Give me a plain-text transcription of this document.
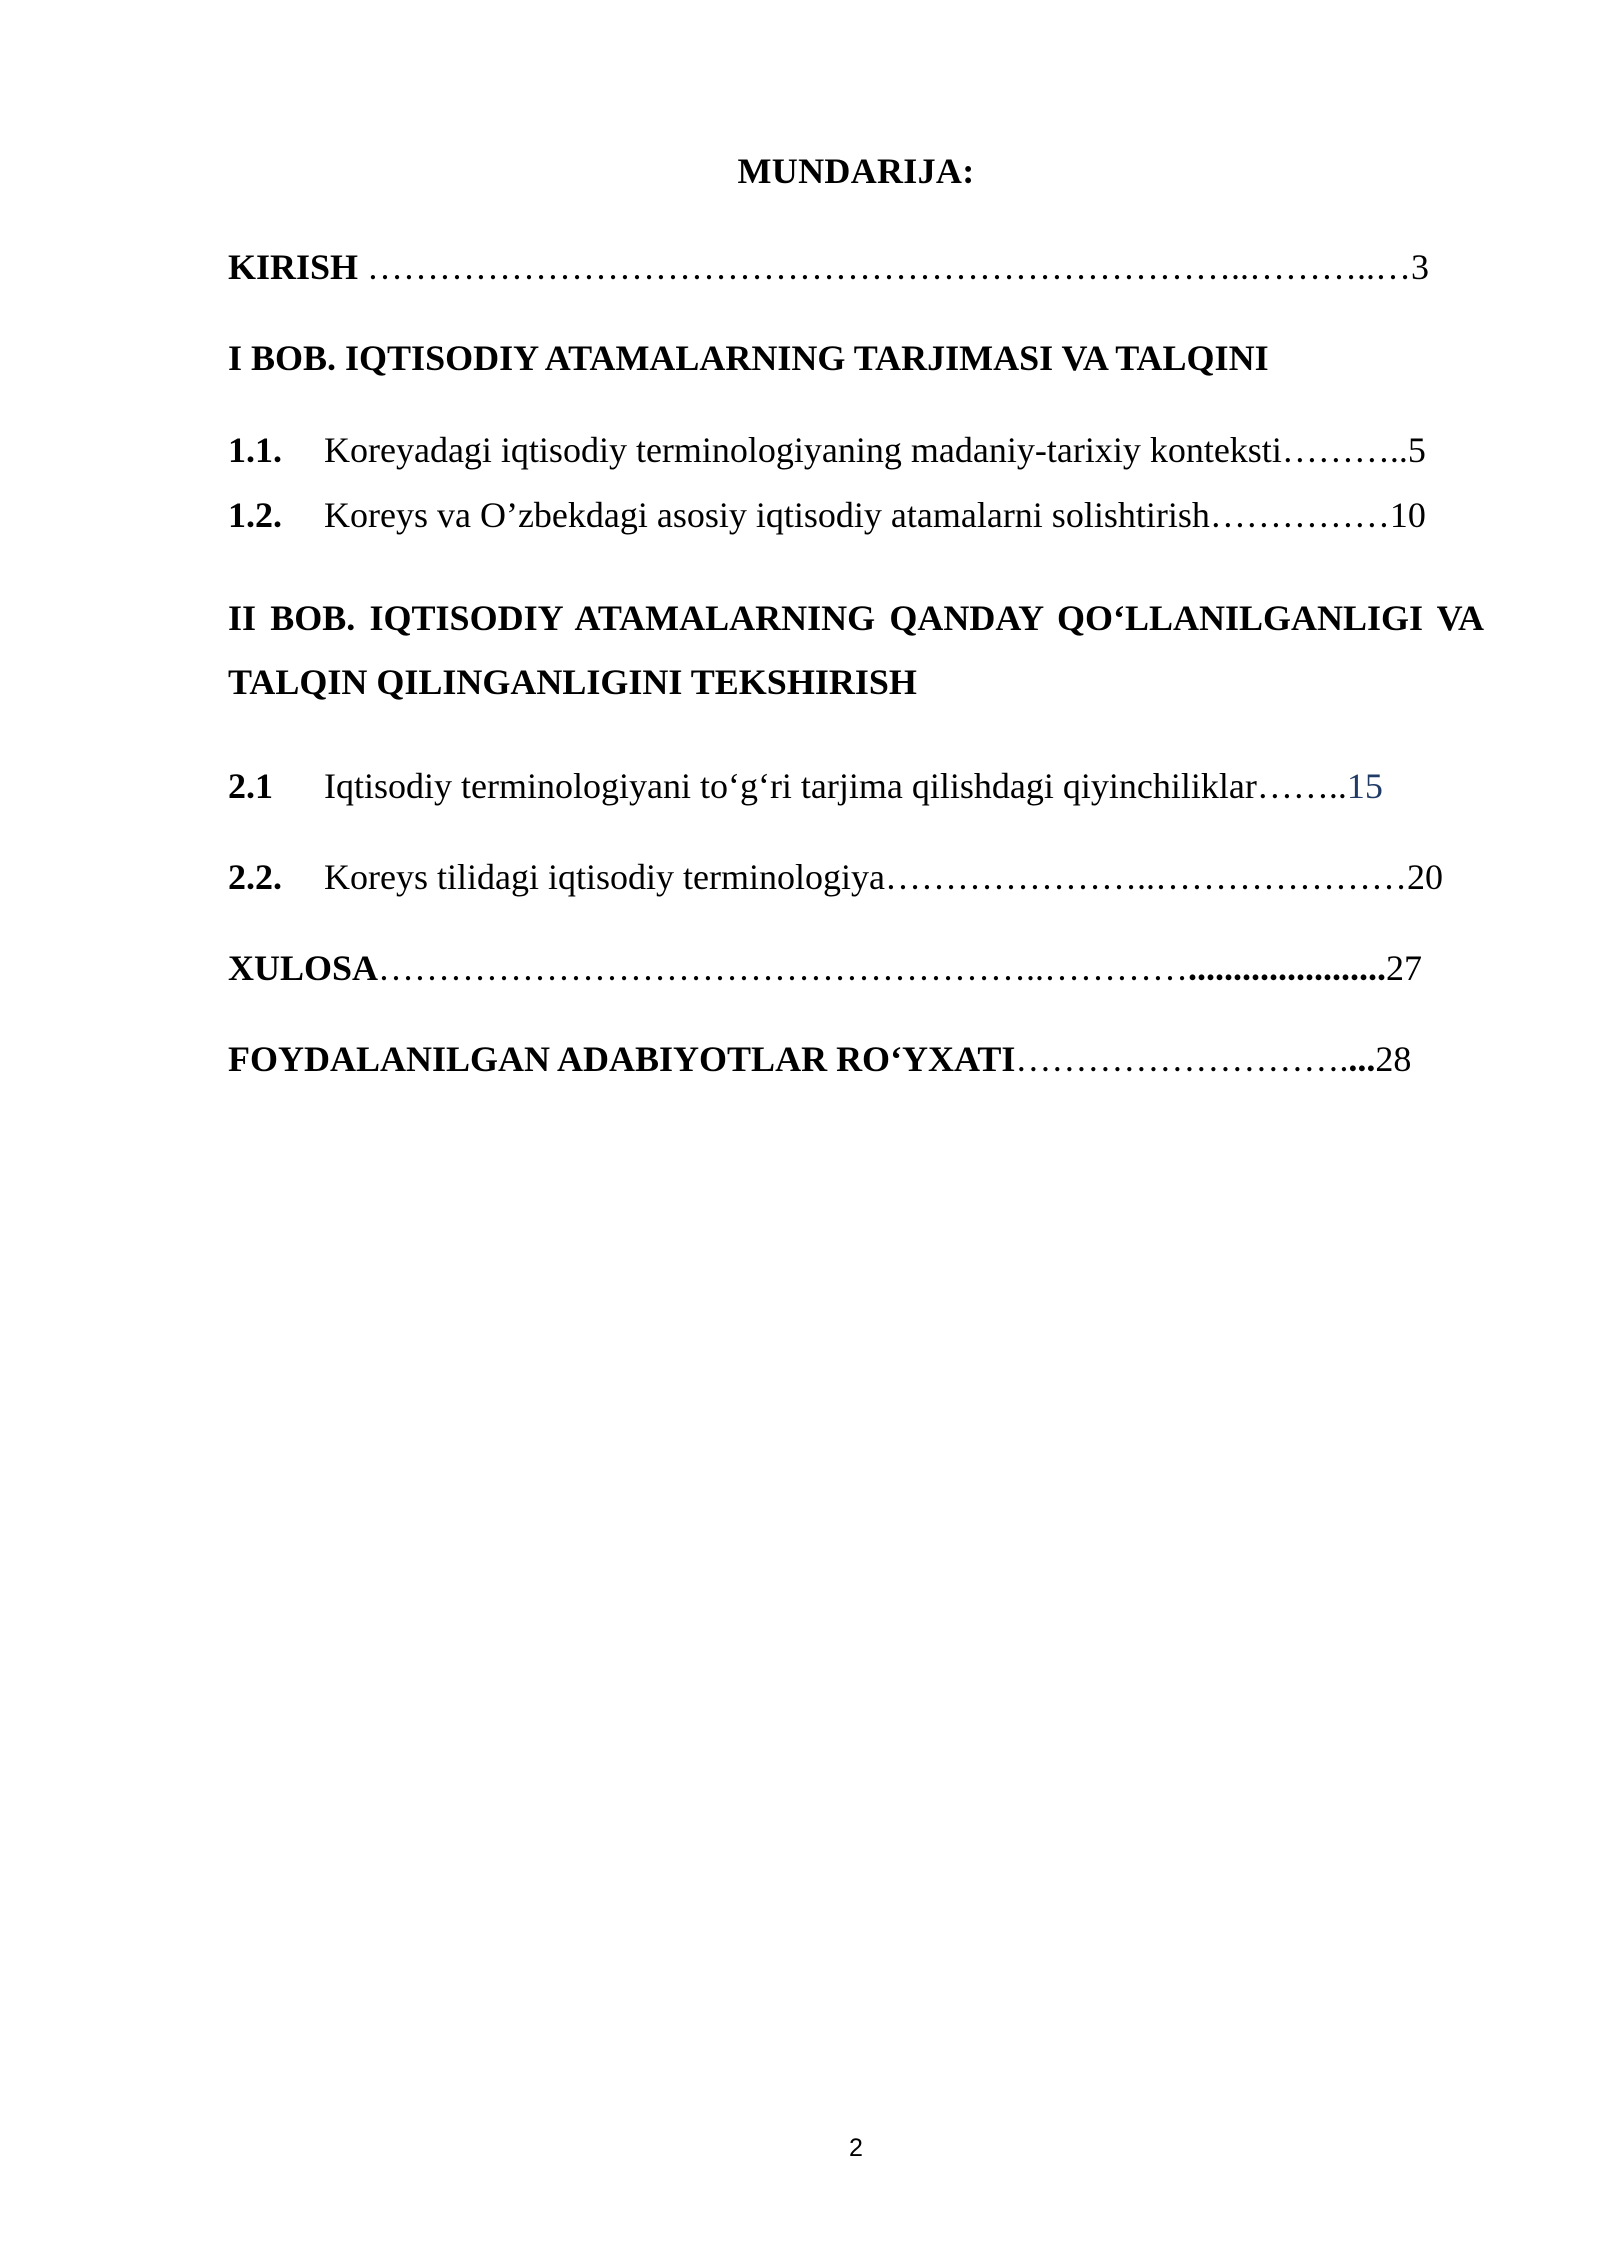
MUNDARIJA:
KIRISH ………………………………………………………………..………..…3
I BOB. IQTISODIY ATAMALARNING TARJIMASI VA TALQINI
1.1. Koreyadagi iqtisodiy terminologiyaning madaniy-tarixiy konteksti………..5
1.2. Koreys va O’zbekdagi asosiy iqtisodiy atamalarni solishtirish……………10
II BOB. IQTISODIY ATAMALARNING QANDAY QO‘LLANILGANLIGI VA TALQIN QILINGANLIGINI TEKSHIRISH
2.1 Iqtisodiy terminologiyani to‘g‘ri tarjima qilishdagi qiyinchiliklar……..15
2.2. Koreys tilidagi iqtisodiy terminologiya…………………..…………………20
XULOSA………………………………………………..…………......................27
FOYDALANILGAN ADABIYOTLAR RO‘YXATI………………………....28
2
